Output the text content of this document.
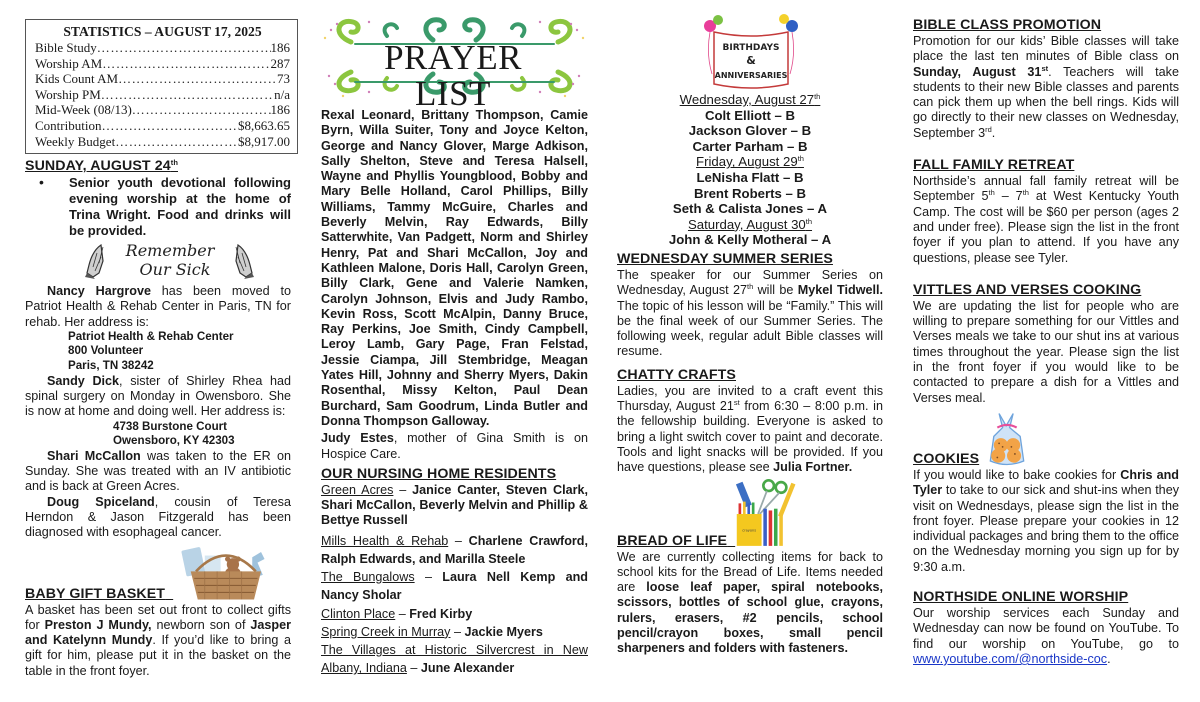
STATISTICS – AUGUST 17, 2025
Bible Study ………………………………………………………………………	186
Worship AM ………………………………………………………………………	287
Kids Count AM ………………………………………………………………………	73
Worship PM ………………………………………………………………………	n/a
Mid-Week (08/13) ………………………………………………………………………	186
Contribution ………………………………………………………………………	$8,663.65
Weekly Budget ………………………………………………………………………	$8,917.00
SUNDAY, AUGUST 24th
•	Senior youth devotional following evening worship at the home of Trina Wright. Food and drinks will be provided.
Remember
Our Sick

Nancy Hargrove has been moved to Patriot Health & Rehab Center in Paris, TN for rehab. Her address is:

Patriot Health & Rehab Center
800 Volunteer
Paris, TN 38242

Sandy Dick, sister of Shirley Rhea had spinal surgery on Monday in Owensboro. She is now at home and doing well. Her address is:

4738 Burstone Court
Owensboro, KY 42303

Shari McCallon was taken to the ER on Sunday. She was treated with an IV antibiotic and is back at Green Acres.

Doug Spiceland, cousin of Teresa Herndon & Jason Fitzgerald has been diagnosed with esophageal cancer.

BABY GIFT BASKET

A basket has been set out front to collect gifts for Preston J Mundy, newborn son of Jasper and Katelynn Mundy. If you’d like to bring a gift for him, please put it in the basket on the table in the front foyer.

PRAYER LIST

Rexal Leonard, Brittany Thompson, Camie Byrn, Willa Suiter, Tony and Joyce Kelton, George and Nancy Glover, Marge Adkison, Sally Shelton, Steve and Teresa Halsell, Wayne and Phyllis Youngblood, Bobby and Mary Belle Holland, Carol Phillips, Billy Williams, Tammy McGuire, Charles and Beverly Melvin, Ray Edwards, Billy Satterwhite, Van Padgett, Norm and Shirley Henry, Pat and Shari McCallon, Joy and Kathleen Malone, Doris Hall, Carolyn Green, Billy Clark, Gene and Valerie Namken, Carolyn Johnson, Elvis and Judy Rambo, Kevin Ross, Scott McAlpin, Danny Bruce, Ray Perkins, Joe Smith, Cindy Campbell, Leroy Lamb, Gary Page, Fran Felstad, Jessie Ciampa, Jill Stembridge, Meagan Yates Hill, Johnny and Sherry Myers, Dakin Rosenthal, Missy Kelton, Paul Dean Burchard, Sam Goodrum, Linda Butler and Donna Thompson Galloway.

Judy Estes, mother of Gina Smith is on Hospice Care.

OUR NURSING HOME RESIDENTS

Green Acres – Janice Canter, Steven Clark, Shari McCallon, Beverly Melvin and Phillip & Bettye Russell

Mills Health & Rehab – Charlene Crawford, Ralph Edwards, and Marilla Steele

The Bungalows – Laura Nell Kemp and Nancy Sholar

Clinton Place – Fred Kirby

Spring Creek in Murray – Jackie Myers

The Villages at Historic Silvercrest in New Albany, Indiana – June Alexander

BIRTHDAYS
&
ANNIVERSARIES
Wednesday, August 27th
Colt Elliott – B
Jackson Glover – B
Carter Parham – B
Friday, August 29th
LeNisha Flatt – B
Brent Roberts – B
Seth & Calista Jones – A
Saturday, August 30th
John & Kelly Motheral – A
WEDNESDAY SUMMER SERIES

The speaker for our Summer Series on Wednesday, August 27th will be Mykel Tidwell. The topic of his lesson will be “Family.” This will be the final week of our Summer Series. The following week, regular adult Bible classes will resume.

CHATTY CRAFTS

Ladies, you are invited to a craft event this Thursday, August 21st from 6:30 – 8:00 p.m. in the fellowship building. Everyone is asked to bring a light switch cover to paint and decorate. Tools and light snacks will be provided. If you have questions, please see Julia Fortner.

BREAD OF LIFE
crayons

We are currently collecting items for back to school kits for the Bread of Life. Items needed are loose leaf paper, spiral notebooks, scissors, bottles of school glue, crayons, rulers, erasers, #2 pencils, school pencil/crayon boxes, small pencil sharpeners and folders with fasteners.

BIBLE CLASS PROMOTION

Promotion for our kids’ Bible classes will take place the last ten minutes of Bible class on Sunday, August 31st. Teachers will take students to their new Bible classes and parents can pick them up when the bell rings. Kids will go directly to their new classes on Wednesday, September 3rd.

FALL FAMILY RETREAT

Northside’s annual fall family retreat will be September 5th – 7th at West Kentucky Youth Camp. The cost will be $60 per person (ages 2 and under free). Please sign the list in the front foyer if you plan to attend. If you have any questions, please see Tyler.

VITTLES AND VERSES COOKING

We are updating the list for people who are willing to prepare something for our Vittles and Verses meals we take to our shut ins at various times throughout the year. Please sign the list in the front foyer if you would like to be contacted to prepare a dish for a Vittles and Verses meal.

COOKIES

If you would like to bake cookies for Chris and Tyler to take to our sick and shut-ins when they visit on Wednesdays, please sign the list in the front foyer. Please prepare your cookies in 12 individual packages and bring them to the office on the Wednesday morning you sign up for by 9:30 a.m.

NORTHSIDE ONLINE WORSHIP

Our worship services each Sunday and Wednesday can now be found on YouTube. To find our worship on YouTube, go to www.youtube.com/@northside-coc.
